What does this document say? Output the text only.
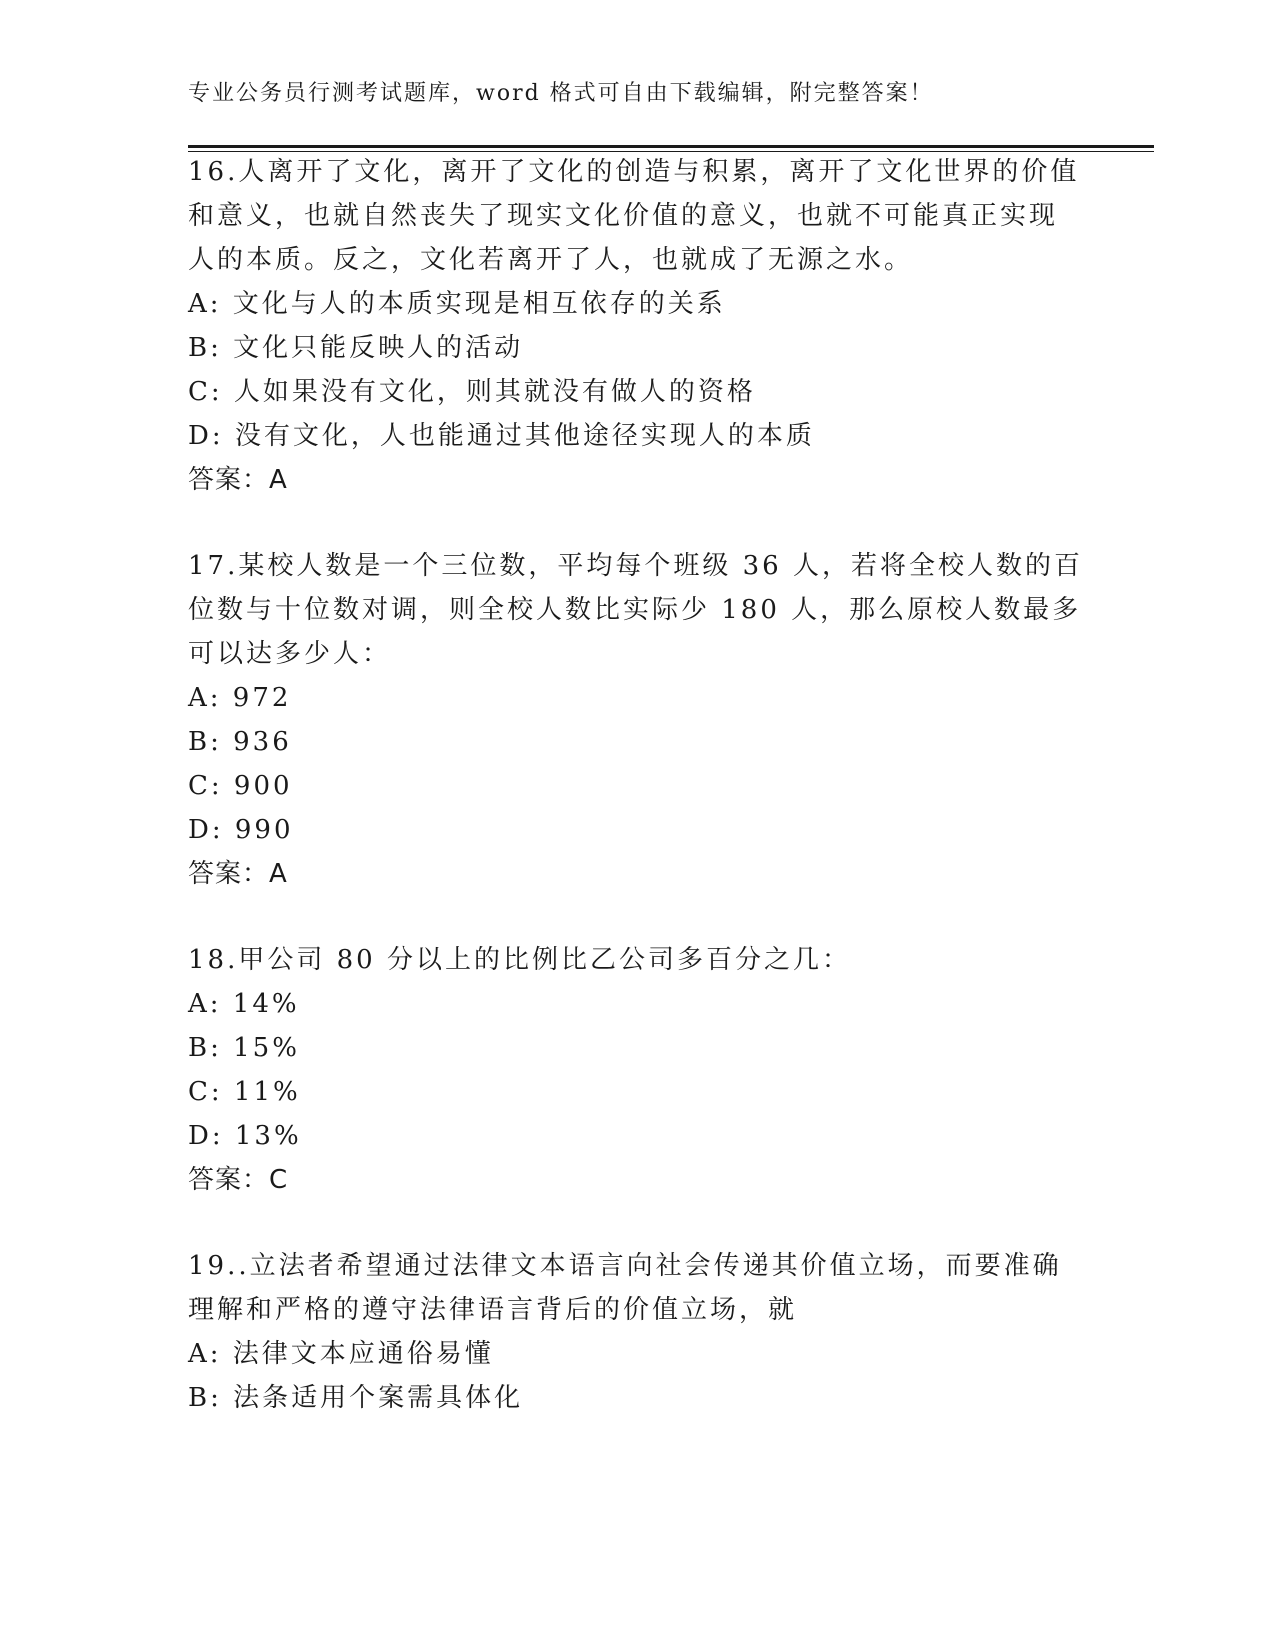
专业公务员行测考试题库，word 格式可自由下载编辑，附完整答案！
16.人离开了文化，离开了文化的创造与积累，离开了文化世界的价值
和意义，也就自然丧失了现实文化价值的意义，也就不可能真正实现
人的本质。反之，文化若离开了人，也就成了无源之水。
A: 文化与人的本质实现是相互依存的关系
B: 文化只能反映人的活动
C: 人如果没有文化，则其就没有做人的资格
D: 没有文化，人也能通过其他途径实现人的本质
答案：A
17.某校人数是一个三位数，平均每个班级 36 人，若将全校人数的百
位数与十位数对调，则全校人数比实际少 180 人，那么原校人数最多
可以达多少人：
A: 972
B: 936
C: 900
D: 990
答案：A
18.甲公司 80 分以上的比例比乙公司多百分之几：
A: 14%
B: 15%
C: 11%
D: 13%
答案：C
19..立法者希望通过法律文本语言向社会传递其价值立场，而要准确
理解和严格的遵守法律语言背后的价值立场，就
A: 法律文本应通俗易懂
B: 法条适用个案需具体化
